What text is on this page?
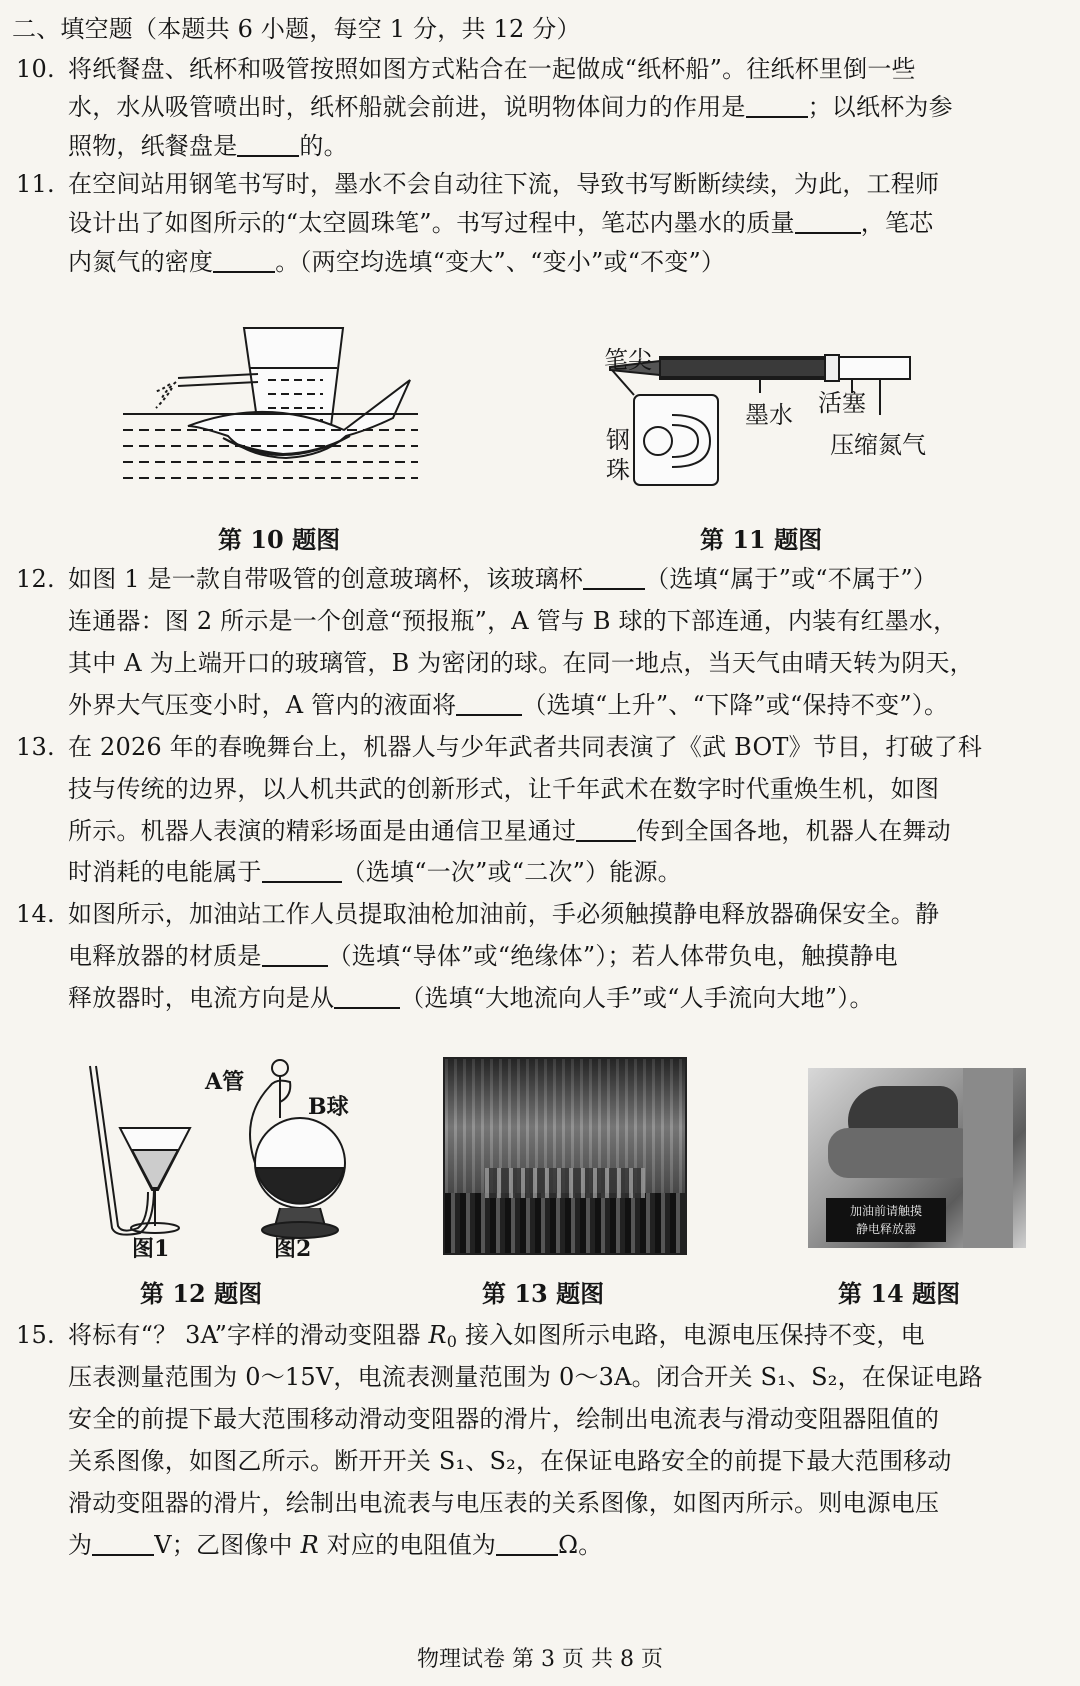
二、填空题（本题共 6 小题，每空 1 分，共 12 分）
10. 将纸餐盘、纸杯和吸管按照如图方式粘合在一起做成“纸杯船”。往纸杯里倒一些
水，水从吸管喷出时，纸杯船就会前进，说明物体间力的作用是	；以纸杯为参
照物，纸餐盘是	的。
11. 在空间站用钢笔书写时，墨水不会自动往下流，导致书写断断续续，为此，工程师
设计出了如图所示的“太空圆珠笔”。书写过程中，笔芯内墨水的质量	，笔芯
内氮气的密度	。（两空均选填“变大”、“变小”或“不变”）
第 10 题图
笔尖
墨水 活塞
压缩氮气
钢
珠
第 11 题图
12. 如图 1 是一款自带吸管的创意玻璃杯，该玻璃杯	（选填“属于”或“不属于”）
连通器：图 2 所示是一个创意“预报瓶”，A 管与 B 球的下部连通，内装有红墨水，
其中 A 为上端开口的玻璃管，B 为密闭的球。在同一地点，当天气由晴天转为阴天，
外界大气压变小时，A 管内的液面将	（选填“上升”、“下降”或“保持不变”）。
13. 在 2026 年的春晚舞台上，机器人与少年武者共同表演了《武 BOT》节目，打破了科
技与传统的边界，以人机共武的创新形式，让千年武术在数字时代重焕生机，如图
所示。机器人表演的精彩场面是由通信卫星通过	传到全国各地，机器人在舞动
时消耗的电能属于	（选填“一次”或“二次”）能源。
14. 如图所示，加油站工作人员提取油枪加油前，手必须触摸静电释放器确保安全。静
电释放器的材质是	（选填“导体”或“绝缘体”）；若人体带负电，触摸静电
释放器时，电流方向是从	（选填“大地流向人手”或“人手流向大地”）。
A管
B球
图1	图2
第 12 题图	第 13 题图
加油前请触摸
静电释放器
第 14 题图
15. 将标有“？ 3A”字样的滑动变阻器 $R_0$ 接入如图所示电路，电源电压保持不变，电
压表测量范围为 0～15V，电流表测量范围为 0～3A。闭合开关 S₁、S₂，在保证电路
安全的前提下最大范围移动滑动变阻器的滑片，绘制出电流表与滑动变阻器阻值的
关系图像，如图乙所示。断开开关 S₁、S₂，在保证电路安全的前提下最大范围移动
滑动变阻器的滑片，绘制出电流表与电压表的关系图像，如图丙所示。则电源电压
为	V；乙图像中 R 对应的电阻值为	Ω。
物理试卷 第 3 页 共 8 页
